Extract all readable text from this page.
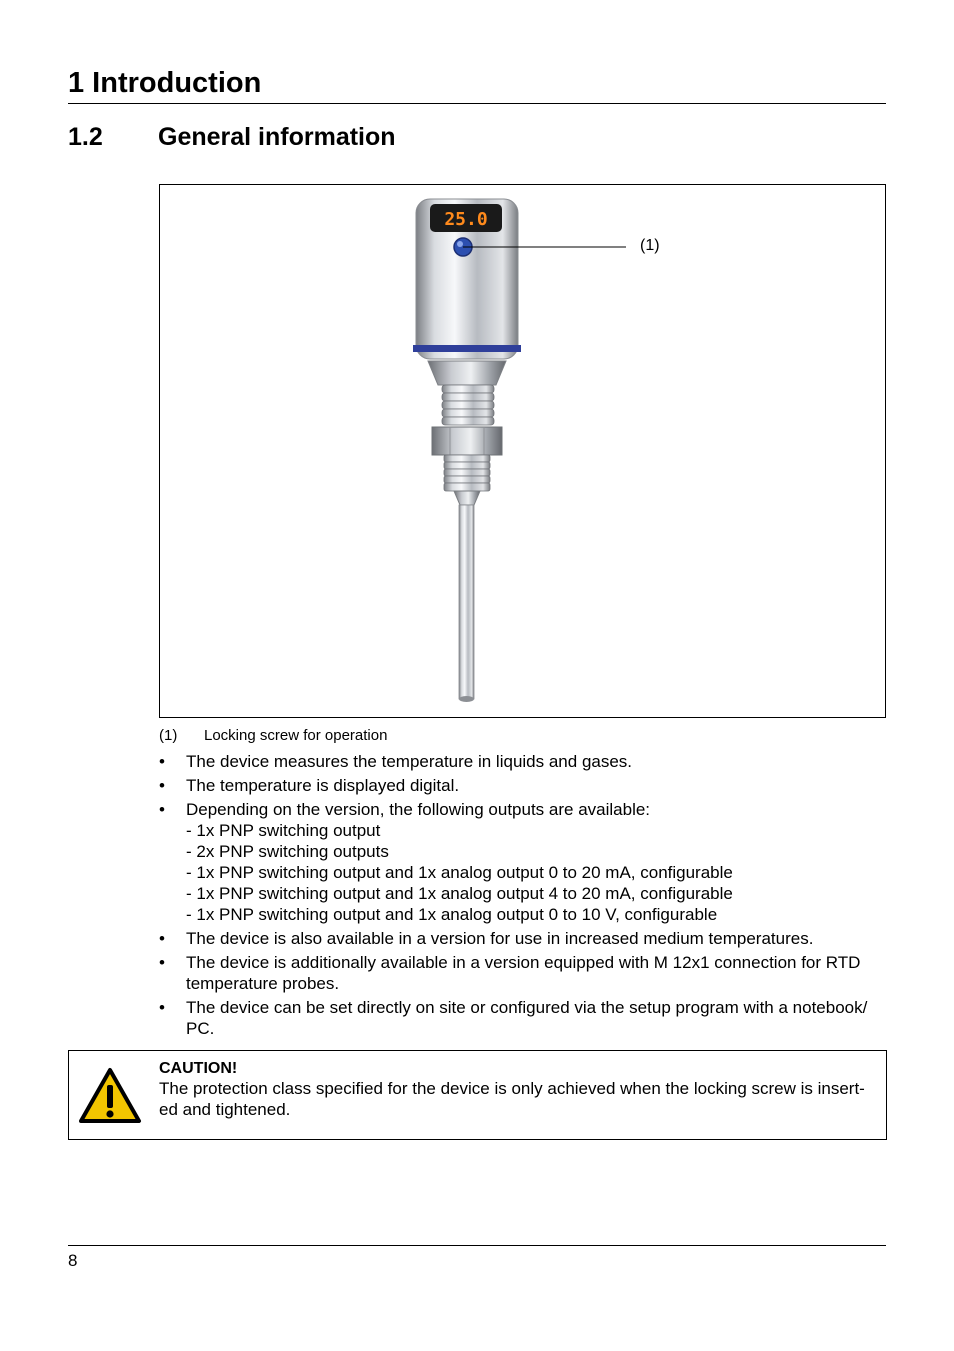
1 Introduction
1.2 General information
25.0
(1)
(1) Locking screw for operation
• The device measures the temperature in liquids and gases.
• The temperature is displayed digital.
• Depending on the version, the following outputs are available:
- 1x PNP switching output
- 2x PNP switching outputs
- 1x PNP switching output and 1x analog output 0 to 20 mA, configurable
- 1x PNP switching output and 1x analog output 4 to 20 mA, configurable
- 1x PNP switching output and 1x analog output 0 to 10 V, configurable
• The device is also available in a version for use in increased medium temperatures.
• The device is additionally available in a version equipped with M 12x1 connection for RTD temperature probes.
• The device can be set directly on site or configured via the setup program with a notebook/ PC.
CAUTION!
The protection class specified for the device is only achieved when the locking screw is insert-ed and tightened.
8
